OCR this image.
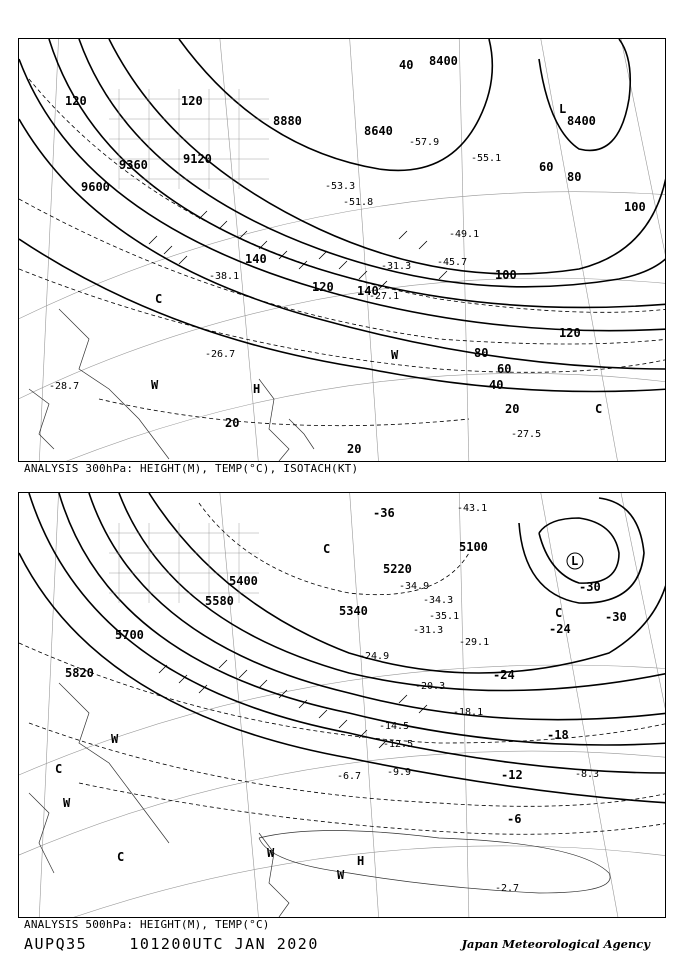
8400
8400
8640
8880
9120
9360
9600
120
120
40
60
80
80
100
100
120
120
140
140
40
60
20
20
20
-57.9
-55.1
-53.3
-51.8
-49.1
-45.7
-38.1
-31.3
-27.1
-28.7
-27.5
-26.7
L
H
W
W
C
C
ANALYSIS 300hPa: HEIGHT(M), TEMP(°C), ISOTACH(KT)
5100
5220
5340
5400
5580
5700
5820
-36
-30
-30
-24
-18
-12
-6
-24
-43.1
-34.9
-34.3
-35.1
-31.3
-29.1
-24.9
-20.3
-18.1
-14.5
-12.5
-9.9	-8.3
-6.7
-2.7
L
H
W
W
W
W
C
C
C
C
ANALYSIS 500hPa: HEIGHT(M), TEMP(°C)
AUPQ35	101200UTC JAN 2020	Japan Meteorological Agency
